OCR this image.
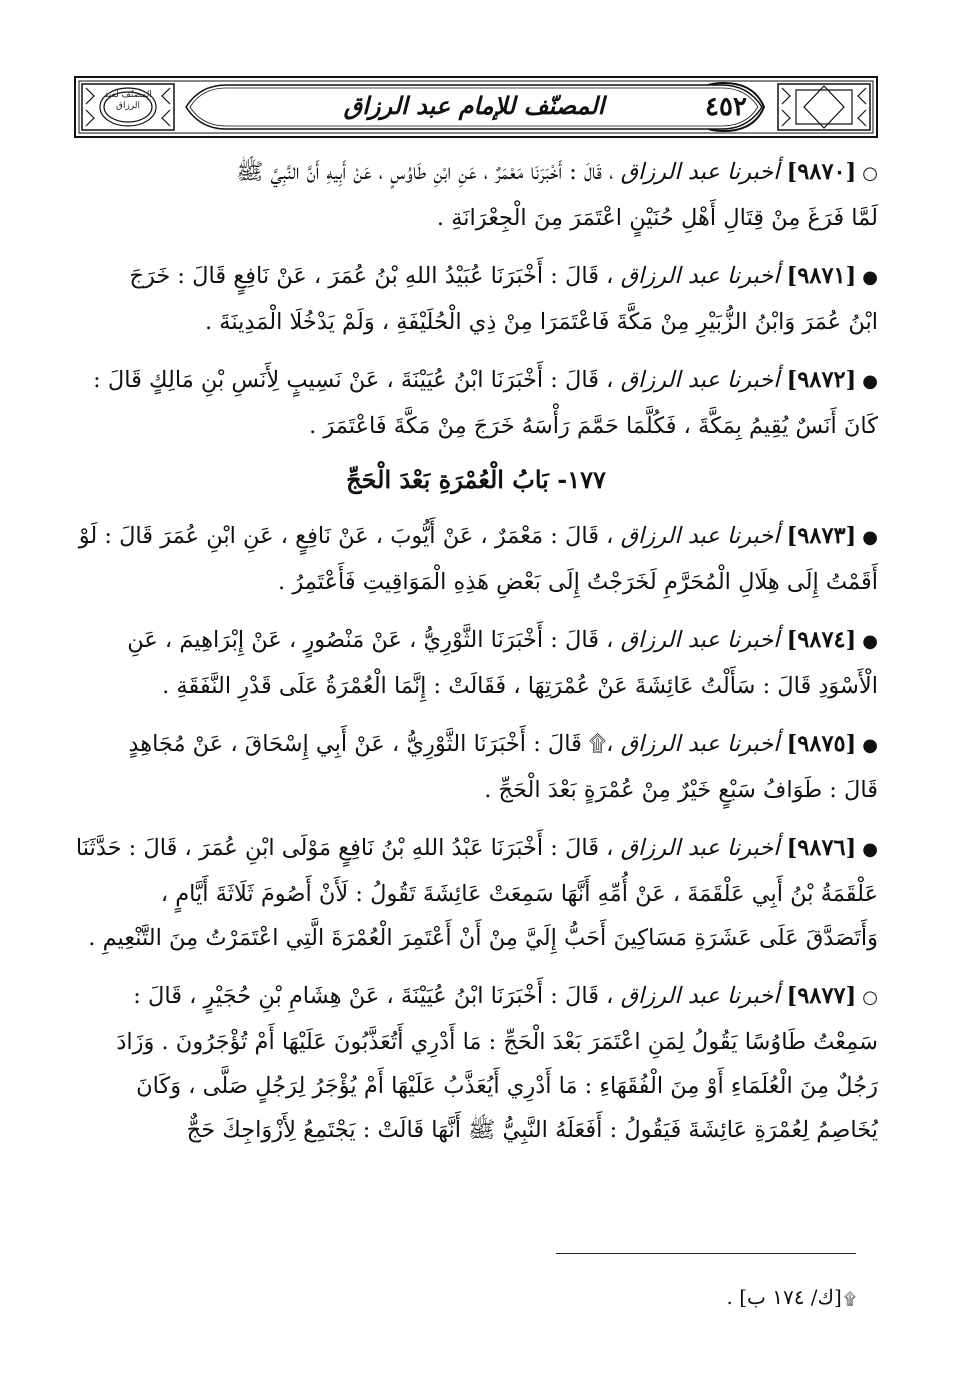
المصنّف لعبد الرزاق	المصنّف للإمام عبد الرزاق	٤٥٢

○[٩٨٧٠] أخبرنا عبد الرزاق ، قَالَ : أَخْبَرَنَا مَعْمَرٌ ، عَنِ ابْنِ طَاوُسٍ ، عَنْ أَبِيهِ أَنَّ النَّبِيَّ ﷺ

لَمَّا فَرَغَ مِنْ قِتَالِ أَهْلِ حُنَيْنٍ اعْتَمَرَ مِنَ الْجِعْرَانَةِ .

●[٩٨٧١] أخبرنا عبد الرزاق ، قَالَ : أَخْبَرَنَا عُبَيْدُ اللهِ بْنُ عُمَرَ ، عَنْ نَافِعٍ قَالَ : خَرَجَ

ابْنُ عُمَرَ وَابْنُ الزُّبَيْرِ مِنْ مَكَّةَ فَاعْتَمَرَا مِنْ ذِي الْحُلَيْفَةِ ، وَلَمْ يَدْخُلَا الْمَدِينَةَ .

●[٩٨٧٢] أخبرنا عبد الرزاق ، قَالَ : أَخْبَرَنَا ابْنُ عُيَيْنَةَ ، عَنْ نَسِيبٍ لِأَنَسِ بْنِ مَالِكٍ قَالَ :

كَانَ أَنَسٌ يُقِيمُ بِمَكَّةَ ، فَكُلَّمَا حَمَّمَ رَأْسَهُ خَرَجَ مِنْ مَكَّةَ فَاعْتَمَرَ .

١٧٧- بَابُ الْعُمْرَةِ بَعْدَ الْحَجِّ

●[٩٨٧٣] أخبرنا عبد الرزاق ، قَالَ : مَعْمَرٌ ، عَنْ أَيُّوبَ ، عَنْ نَافِعٍ ، عَنِ ابْنِ عُمَرَ قَالَ : لَوْ

أَقَمْتُ إِلَى هِلَالِ الْمُحَرَّمِ لَخَرَجْتُ إِلَى بَعْضِ هَذِهِ الْمَوَاقِيتِ فَأَعْتَمِرُ .

●[٩٨٧٤] أخبرنا عبد الرزاق ، قَالَ : أَخْبَرَنَا الثَّوْرِيُّ ، عَنْ مَنْصُورٍ ، عَنْ إِبْرَاهِيمَ ، عَنِ

الْأَسْوَدِ قَالَ : سَأَلْتُ عَائِشَةَ عَنْ عُمْرَتِهَا ، فَقَالَتْ : إِنَّمَا الْعُمْرَةُ عَلَى قَدْرِ النَّفَقَةِ .

●[٩٨٧٥] أخبرنا عبد الرزاق ،۩ قَالَ : أَخْبَرَنَا الثَّوْرِيُّ ، عَنْ أَبِي إِسْحَاقَ ، عَنْ مُجَاهِدٍ

قَالَ : طَوَافُ سَبْعٍ خَيْرٌ مِنْ عُمْرَةٍ بَعْدَ الْحَجِّ .

●[٩٨٧٦] أخبرنا عبد الرزاق ، قَالَ : أَخْبَرَنَا عَبْدُ اللهِ بْنُ نَافِعٍ مَوْلَى ابْنِ عُمَرَ ، قَالَ : حَدَّثَنَا

عَلْقَمَةُ بْنُ أَبِي عَلْقَمَةَ ، عَنْ أُمِّهِ أَنَّهَا سَمِعَتْ عَائِشَةَ تَقُولُ : لَأَنْ أَصُومَ ثَلَاثَةَ أَيَّامٍ ،

وَأَتَصَدَّقَ عَلَى عَشَرَةِ مَسَاكِينَ أَحَبُّ إِلَيَّ مِنْ أَنْ أَعْتَمِرَ الْعُمْرَةَ الَّتِي اعْتَمَرْتُ مِنَ التَّنْعِيمِ .

○[٩٨٧٧] أخبرنا عبد الرزاق ، قَالَ : أَخْبَرَنَا ابْنُ عُيَيْنَةَ ، عَنْ هِشَامِ بْنِ حُجَيْرٍ ، قَالَ :

سَمِعْتُ طَاوُسًا يَقُولُ لِمَنِ اعْتَمَرَ بَعْدَ الْحَجِّ : مَا أَدْرِي أَتُعَذَّبُونَ عَلَيْهَا أَمْ تُؤْجَرُونَ . وَزَادَ

رَجُلٌ مِنَ الْعُلَمَاءِ أَوْ مِنَ الْفُقَهَاءِ : مَا أَدْرِي أَيُعَذَّبُ عَلَيْهَا أَمْ يُؤْجَرُ لِرَجُلٍ صَلَّى ، وَكَانَ

يُخَاصِمُ لِعُمْرَةِ عَائِشَةَ فَيَقُولُ : أَفَعَلَهُ النَّبِيُّ ﷺ أَنَّهَا قَالَتْ : يَجْتَمِعُ لِأَزْوَاجِكَ حَجٌّ

۩[ك/ ١٧٤ ب] .
